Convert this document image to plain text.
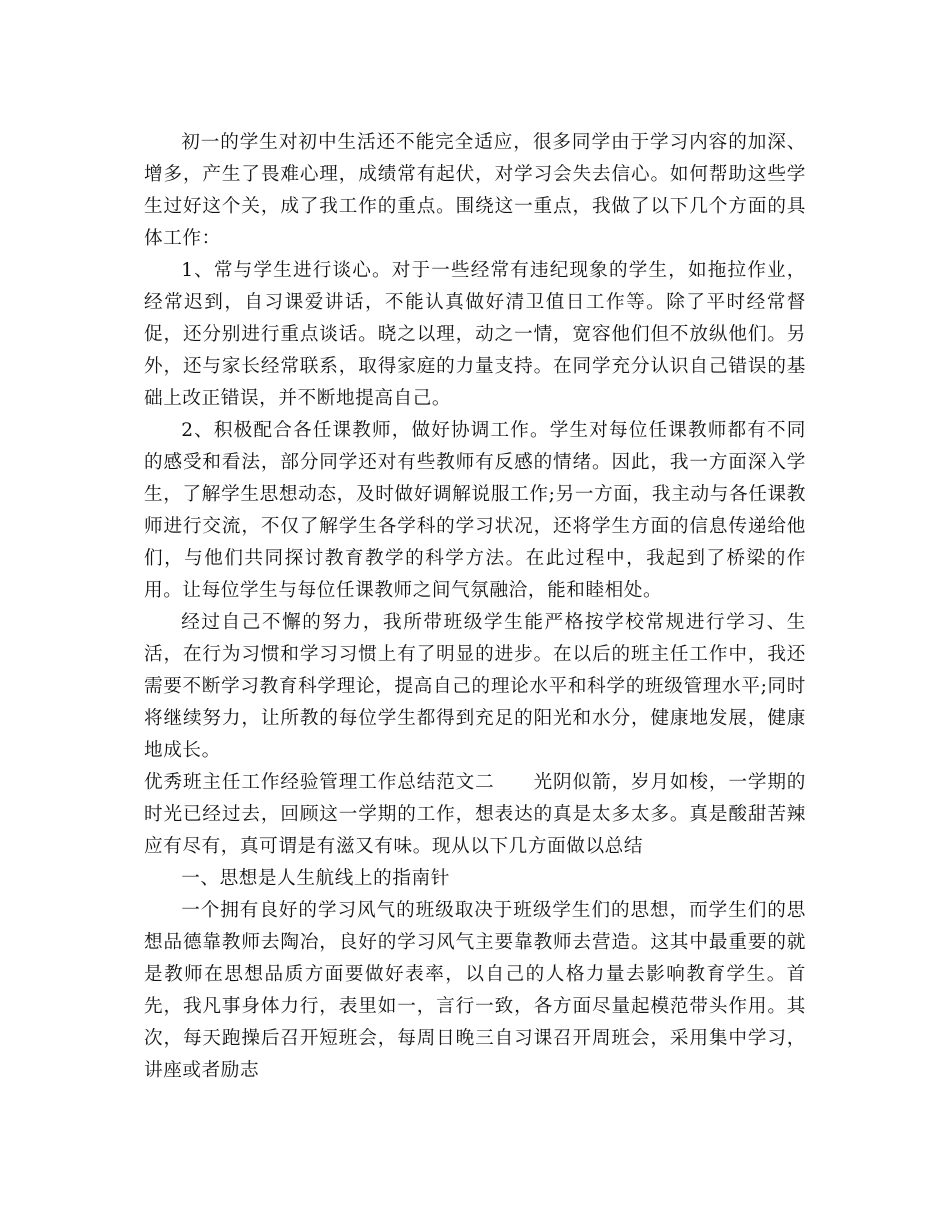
初一的学生对初中生活还不能完全适应，很多同学由于学习内容的加深、增多，产生了畏难心理，成绩常有起伏，对学习会失去信心。如何帮助这些学生过好这个关，成了我工作的重点。围绕这一重点，我做了以下几个方面的具体工作：

1、常与学生进行谈心。对于一些经常有违纪现象的学生，如拖拉作业，经常迟到，自习课爱讲话，不能认真做好清卫值日工作等。除了平时经常督促，还分别进行重点谈话。晓之以理，动之一情，宽容他们但不放纵他们。另外，还与家长经常联系，取得家庭的力量支持。在同学充分认识自己错误的基础上改正错误，并不断地提高自己。

2、积极配合各任课教师，做好协调工作。学生对每位任课教师都有不同的感受和看法，部分同学还对有些教师有反感的情绪。因此，我一方面深入学生，了解学生思想动态，及时做好调解说服工作;另一方面，我主动与各任课教师进行交流，不仅了解学生各学科的学习状况，还将学生方面的信息传递给他们，与他们共同探讨教育教学的科学方法。在此过程中，我起到了桥梁的作用。让每位学生与每位任课教师之间气氛融洽，能和睦相处。

经过自己不懈的努力，我所带班级学生能严格按学校常规进行学习、生活，在行为习惯和学习习惯上有了明显的进步。在以后的班主任工作中，我还需要不断学习教育科学理论，提高自己的理论水平和科学的班级管理水平;同时将继续努力，让所教的每位学生都得到充足的阳光和水分，健康地发展，健康地成长。

优秀班主任工作经验管理工作总结范文二　　光阴似箭，岁月如梭，一学期的时光已经过去，回顾这一学期的工作，想表达的真是太多太多。真是酸甜苦辣应有尽有，真可谓是有滋又有味。现从以下几方面做以总结

一、思想是人生航线上的指南针

一个拥有良好的学习风气的班级取决于班级学生们的思想，而学生们的思想品德靠教师去陶冶，良好的学习风气主要靠教师去营造。这其中最重要的就是教师在思想品质方面要做好表率，以自己的人格力量去影响教育学生。首先，我凡事身体力行，表里如一，言行一致，各方面尽量起模范带头作用。其次，每天跑操后召开短班会，每周日晚三自习课召开周班会，采用集中学习，讲座或者励志
